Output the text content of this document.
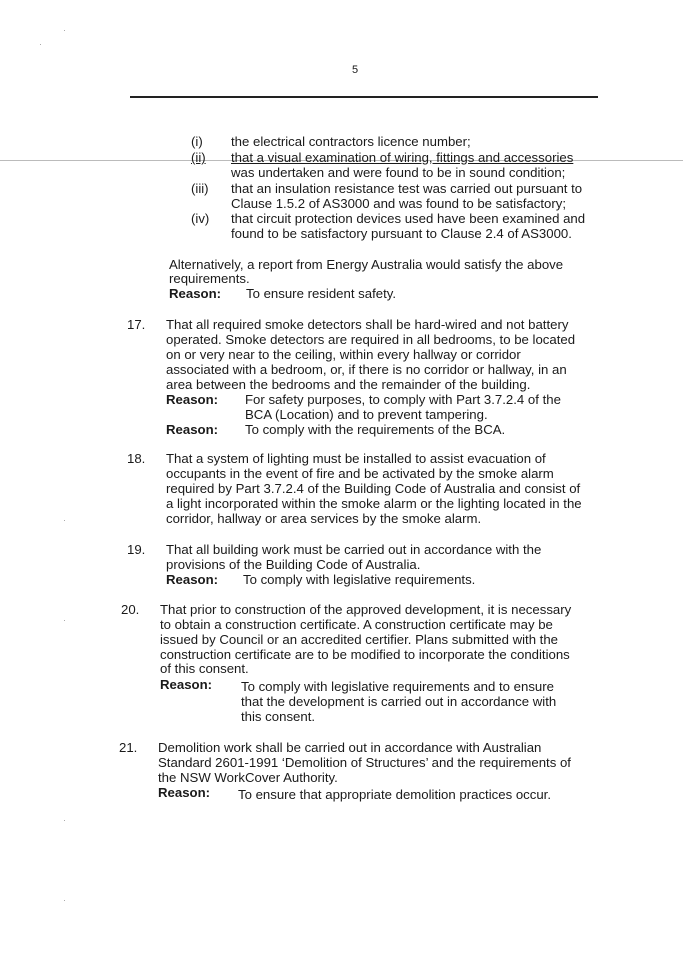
5
(i) the electrical contractors licence number;
(ii) that a visual examination of wiring, fittings and accessories
was undertaken and were found to be in sound condition;
(iii) that an insulation resistance test was carried out pursuant to
Clause 1.5.2 of AS3000 and was found to be satisfactory;
(iv) that circuit protection devices used have been examined and
found to be satisfactory pursuant to Clause 2.4 of AS3000.
Alternatively, a report from Energy Australia would satisfy the above
requirements.
Reason: To ensure resident safety.
17. That all required smoke detectors shall be hard-wired and not battery
operated. Smoke detectors are required in all bedrooms, to be located
on or very near to the ceiling, within every hallway or corridor
associated with a bedroom, or, if there is no corridor or hallway, in an
area between the bedrooms and the remainder of the building.
Reason: For safety purposes, to comply with Part 3.7.2.4 of the
BCA (Location) and to prevent tampering.
Reason: To comply with the requirements of the BCA.
18. That a system of lighting must be installed to assist evacuation of
occupants in the event of fire and be activated by the smoke alarm
required by Part 3.7.2.4 of the Building Code of Australia and consist of
a light incorporated within the smoke alarm or the lighting located in the
corridor, hallway or area services by the smoke alarm.
19. That all building work must be carried out in accordance with the
provisions of the Building Code of Australia.
Reason: To comply with legislative requirements.
20. That prior to construction of the approved development, it is necessary
to obtain a construction certificate. A construction certificate may be
issued by Council or an accredited certifier. Plans submitted with the
construction certificate are to be modified to incorporate the conditions
of this consent.
Reason: To comply with legislative requirements and to ensure
that the development is carried out in accordance with
this consent.
21. Demolition work shall be carried out in accordance with Australian
Standard 2601-1991 ‘Demolition of Structures’ and the requirements of
the NSW WorkCover Authority.
Reason: To ensure that appropriate demolition practices occur.
